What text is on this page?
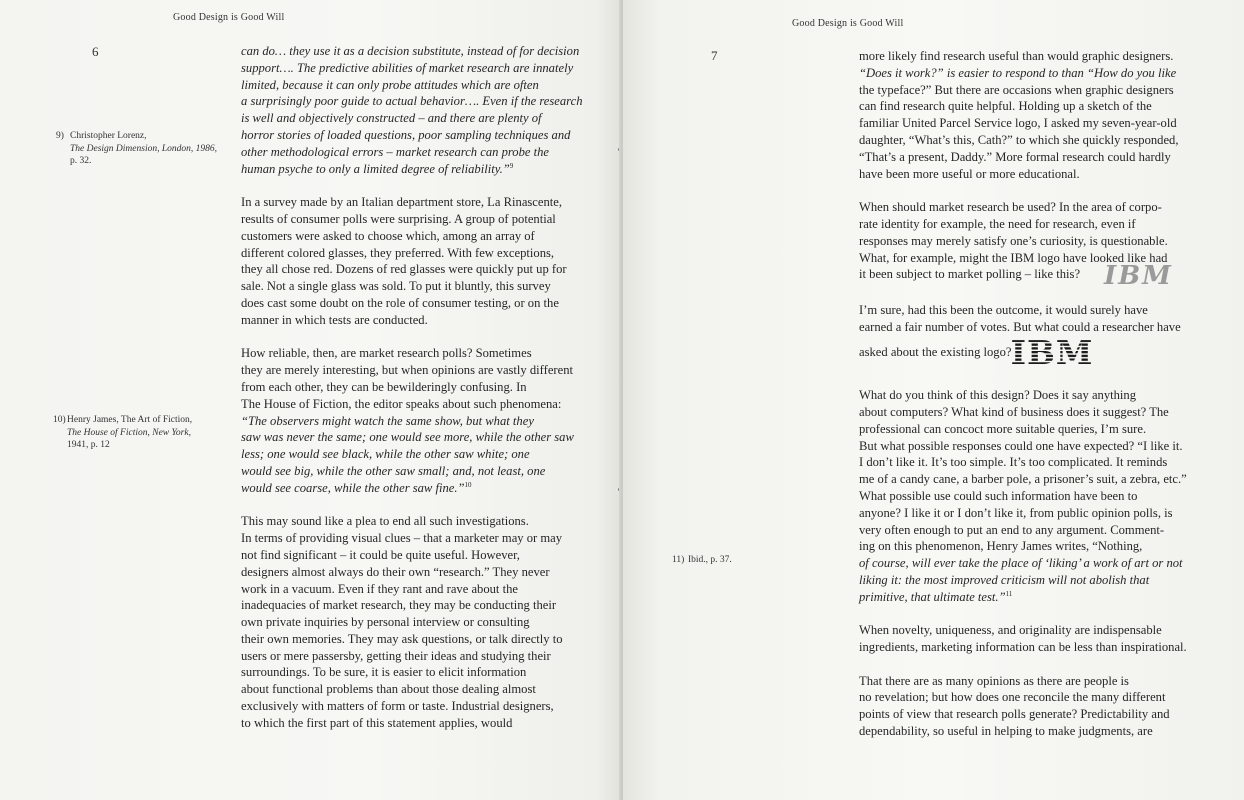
Good Design is Good Will
6
9) Christopher Lorenz,
The Design Dimension, London, 1986,
p. 32.
10)Henry James, The Art of Fiction,
The House of Fiction, New York,
1941, p. 12
can do… they use it as a decision substitute, instead of for decision
support…. The predictive abilities of market research are innately
limited, because it can only probe attitudes which are often
a surprisingly poor guide to actual behavior…. Even if the research
is well and objectively constructed – and there are plenty of
horror stories of loaded questions, poor sampling techniques and
other methodological errors – market research can probe the
human psyche to only a limited degree of reliability.”$^9$
In a survey made by an Italian department store, La Rinascente,
results of consumer polls were surprising. A group of potential
customers were asked to choose which, among an array of
different colored glasses, they preferred. With few exceptions,
they all chose red. Dozens of red glasses were quickly put up for
sale. Not a single glass was sold. To put it bluntly, this survey
does cast some doubt on the role of consumer testing, or on the
manner in which tests are conducted.
How reliable, then, are market research polls? Sometimes
they are merely interesting, but when opinions are vastly different
from each other, they can be bewilderingly confusing. In
The House of Fiction, the editor speaks about such phenomena:
“The observers might watch the same show, but what they
saw was never the same; one would see more, while the other saw
less; one would see black, while the other saw white; one
would see big, while the other saw small; and, not least, one
would see coarse, while the other saw fine.”$^{10}$
This may sound like a plea to end all such investigations.
In terms of providing visual clues – that a marketer may or may
not find significant – it could be quite useful. However,
designers almost always do their own “research.” They never
work in a vacuum. Even if they rant and rave about the
inadequacies of market research, they may be conducting their
own private inquiries by personal interview or consulting
their own memories. They may ask questions, or talk directly to
users or mere passersby, getting their ideas and studying their
surroundings. To be sure, it is easier to elicit information
about functional problems than about those dealing almost
exclusively with matters of form or taste. Industrial designers,
to which the first part of this statement applies, would
Good Design is Good Will
7
11) Ibid., p. 37.
more likely find research useful than would graphic designers.
“Does it work?” is easier to respond to than “How do you like
the typeface?” But there are occasions when graphic designers
can find research quite helpful. Holding up a sketch of the
familiar United Parcel Service logo, I asked my seven-year-old
daughter, “What’s this, Cath?” to which she quickly responded,
“That’s a present, Daddy.” More formal research could hardly
have been more useful or more educational.
When should market research be used? In the area of corpo-
rate identity for example, the need for research, even if
responses may merely satisfy one’s curiosity, is questionable.
What, for example, might the IBM logo have looked like had
it been subject to market polling – like this? IBM
I’m sure, had this been the outcome, it would surely have
earned a fair number of votes. But what could a researcher have
asked about the existing logo?
IBM
What do you think of this design? Does it say anything
about computers? What kind of business does it suggest? The
professional can concoct more suitable queries, I’m sure.
But what possible responses could one have expected? “I like it.
I don’t like it. It’s too simple. It’s too complicated. It reminds
me of a candy cane, a barber pole, a prisoner’s suit, a zebra, etc.”
What possible use could such information have been to
anyone? I like it or I don’t like it, from public opinion polls, is
very often enough to put an end to any argument. Comment-
ing on this phenomenon, Henry James writes, “Nothing,
of course, will ever take the place of ‘liking’ a work of art or not
liking it: the most improved criticism will not abolish that
primitive, that ultimate test.”$^{11}$
When novelty, uniqueness, and originality are indispensable
ingredients, marketing information can be less than inspirational.
That there are as many opinions as there are people is
no revelation; but how does one reconcile the many different
points of view that research polls generate? Predictability and
dependability, so useful in helping to make judgments, are
